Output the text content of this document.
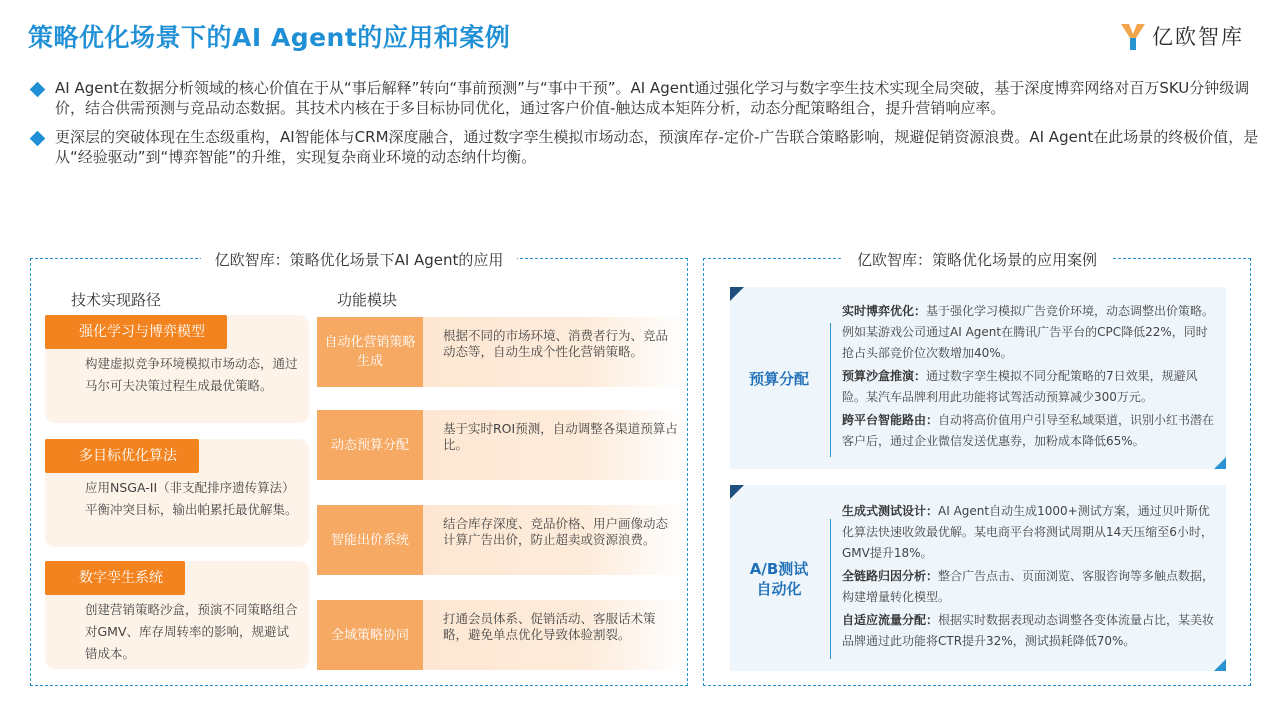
策略优化场景下的AI Agent的应用和案例	亿欧智库
AI Agent在数据分析领域的核心价值在于从“事后解释”转向“事前预测”与“事中干预”。AI Agent通过强化学习与数字孪生技术实现全局突破，基于深度博弈网络对百万SKU分钟级调价，结合供需预测与竞品动态数据。其技术内核在于多目标协同优化，通过客户价值-触达成本矩阵分析，动态分配策略组合，提升营销响应率。
更深层的突破体现在生态级重构，AI智能体与CRM深度融合，通过数字孪生模拟市场动态，预演库存-定价-广告联合策略影响，规避促销资源浪费。AI Agent在此场景的终极价值，是从“经验驱动”到“博弈智能”的升维，实现复杂商业环境的动态纳什均衡。
亿欧智库：策略优化场景下AI Agent的应用
技术实现路径	功能模块
强化学习与博弈模型
构建虚拟竞争环境模拟市场动态，通过马尔可夫决策过程生成最优策略。
多目标优化算法
应用NSGA-II（非支配排序遗传算法）平衡冲突目标，输出帕累托最优解集。
数字孪生系统
创建营销策略沙盒，预演不同策略组合对GMV、库存周转率的影响，规避试错成本。
自动化营销策略生成
根据不同的市场环境、消费者行为、竞品动态等，自动生成个性化营销策略。
动态预算分配
基于实时ROI预测，自动调整各渠道预算占比。
智能出价系统
结合库存深度、竞品价格、用户画像动态计算广告出价，防止超卖或资源浪费。
全域策略协同
打通会员体系、促销活动、客服话术策略，避免单点优化导致体验割裂。
亿欧智库：策略优化场景的应用案例
预算分配

实时博弈优化：基于强化学习模拟广告竞价环境，动态调整出价策略。例如某游戏公司通过AI Agent在腾讯广告平台的CPC降低22%，同时抢占头部竞价位次数增加40%。

预算沙盒推演：通过数字孪生模拟不同分配策略的7日效果，规避风险。某汽车品牌利用此功能将试驾活动预算减少300万元。

跨平台智能路由：自动将高价值用户引导至私域渠道，识别小红书潜在客户后，通过企业微信发送优惠券，加粉成本降低65%。

A/B测试自动化

生成式测试设计：AI Agent自动生成1000+测试方案，通过贝叶斯优化算法快速收敛最优解。某电商平台将测试周期从14天压缩至6小时，GMV提升18%。

全链路归因分析：整合广告点击、页面浏览、客服咨询等多触点数据，构建增量转化模型。

自适应流量分配：根据实时数据表现动态调整各变体流量占比，某美妆品牌通过此功能将CTR提升32%，测试损耗降低70%。
